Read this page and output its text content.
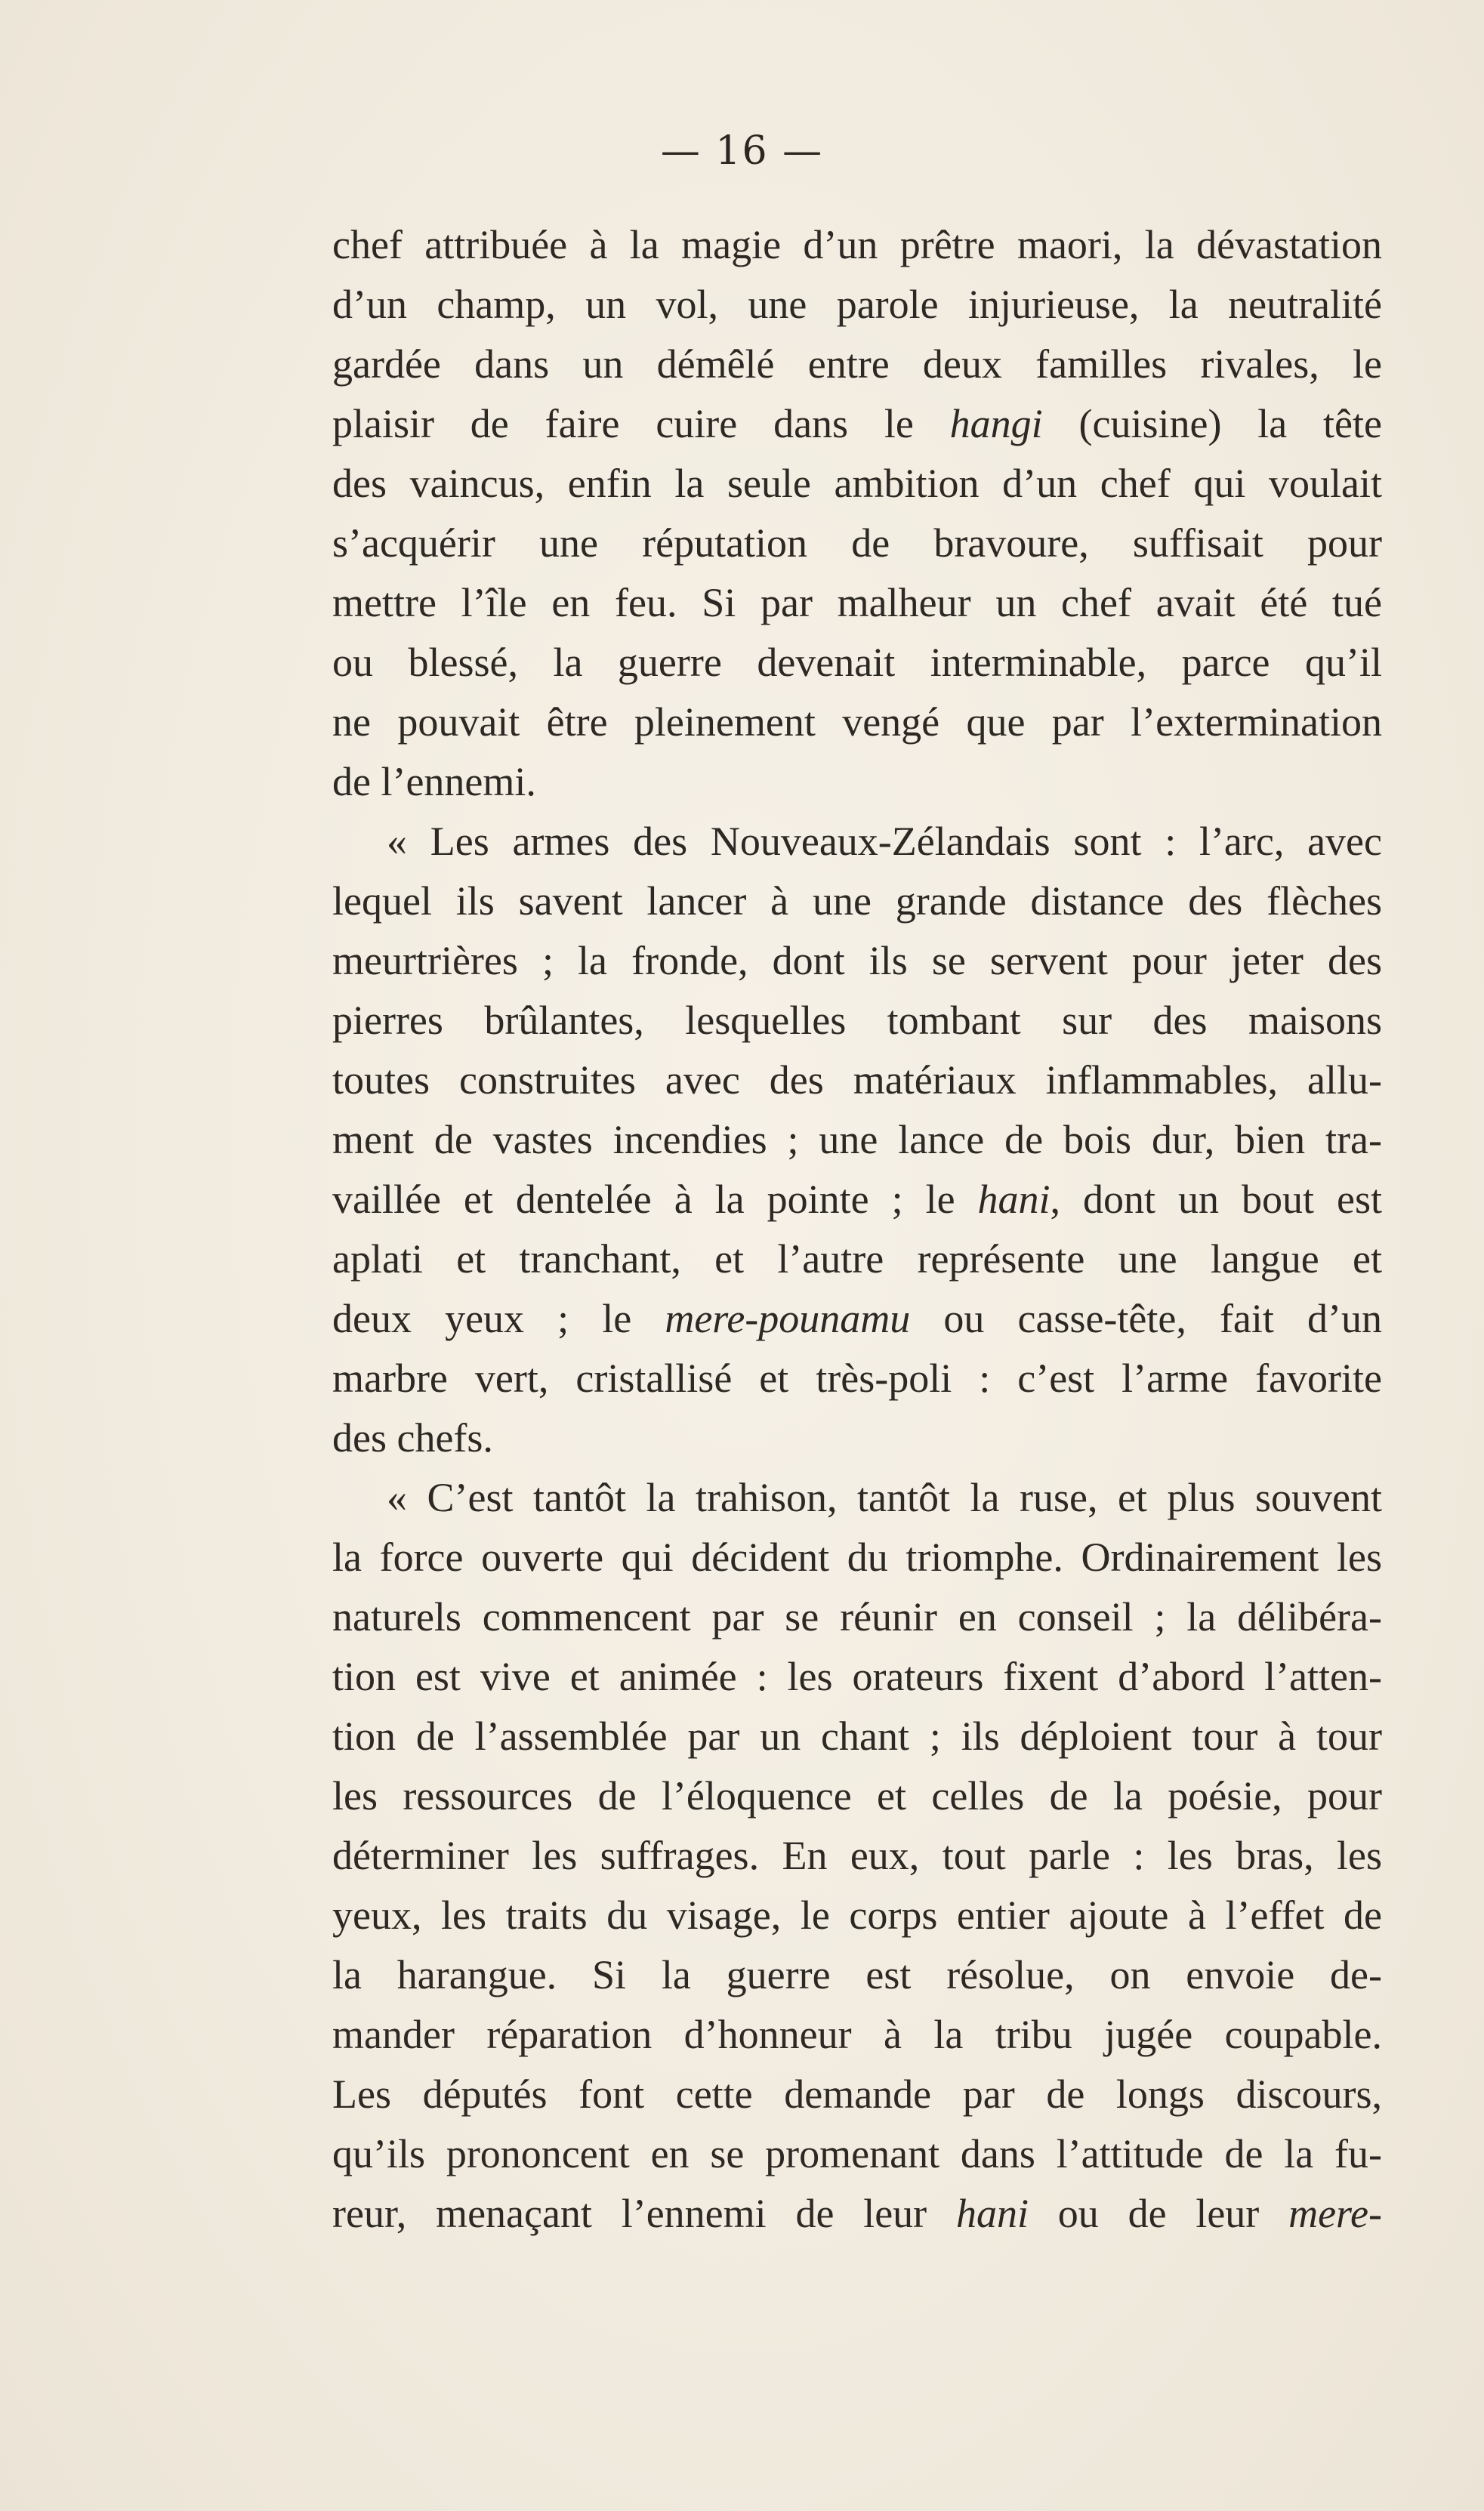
— 16 —
chef attribuée à la magie d’un prêtre maori, la dévastation
d’un champ, un vol, une parole injurieuse, la neutralité
gardée dans un démêlé entre deux familles rivales, le
plaisir de faire cuire dans le hangi (cuisine) la tête
des vaincus, enfin la seule ambition d’un chef qui voulait
s’acquérir une réputation de bravoure, suffisait pour
mettre l’île en feu. Si par malheur un chef avait été tué
ou blessé, la guerre devenait interminable, parce qu’il
ne pouvait être pleinement vengé que par l’extermination
de l’ennemi.
« Les armes des Nouveaux-Zélandais sont : l’arc, avec
lequel ils savent lancer à une grande distance des flèches
meurtrières ; la fronde, dont ils se servent pour jeter des
pierres brûlantes, lesquelles tombant sur des maisons
toutes construites avec des matériaux inflammables, allu-
ment de vastes incendies ; une lance de bois dur, bien tra-
vaillée et dentelée à la pointe ; le hani, dont un bout est
aplati et tranchant, et l’autre représente une langue et
deux yeux ; le mere-pounamu ou casse-tête, fait d’un
marbre vert, cristallisé et très-poli : c’est l’arme favorite
des chefs.
« C’est tantôt la trahison, tantôt la ruse, et plus souvent
la force ouverte qui décident du triomphe. Ordinairement les
naturels commencent par se réunir en conseil ; la délibéra-
tion est vive et animée : les orateurs fixent d’abord l’atten-
tion de l’assemblée par un chant ; ils déploient tour à tour
les ressources de l’éloquence et celles de la poésie, pour
déterminer les suffrages. En eux, tout parle : les bras, les
yeux, les traits du visage, le corps entier ajoute à l’effet de
la harangue. Si la guerre est résolue, on envoie de-
mander réparation d’honneur à la tribu jugée coupable.
Les députés font cette demande par de longs discours,
qu’ils prononcent en se promenant dans l’attitude de la fu-
reur, menaçant l’ennemi de leur hani ou de leur mere-
